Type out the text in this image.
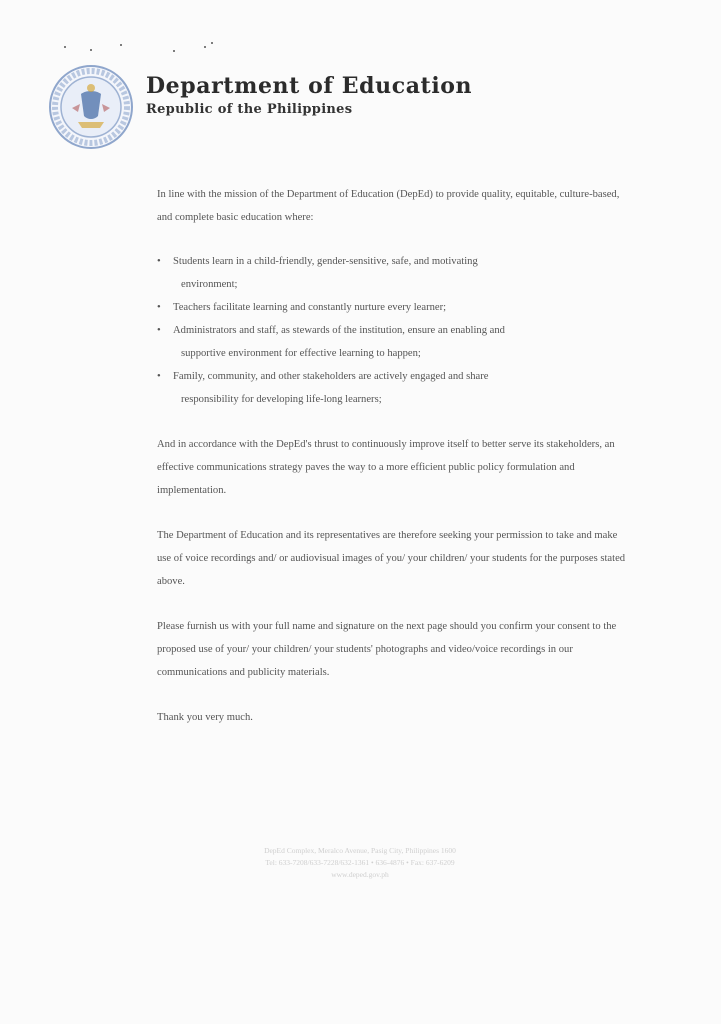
Department of Education
Republic of the Philippines

In line with the mission of the Department of Education (DepEd) to provide quality, equitable, culture-based, and complete basic education where:

• Students learn in a child-friendly, gender-sensitive, safe, and motivating
environment;
• Teachers facilitate learning and constantly nurture every learner;
• Administrators and staff, as stewards of the institution, ensure an enabling and
supportive environment for effective learning to happen;
• Family, community, and other stakeholders are actively engaged and share
responsibility for developing life-long learners;

And in accordance with the DepEd's thrust to continuously improve itself to better serve its stakeholders, an effective communications strategy paves the way to a more efficient public policy formulation and implementation.

The Department of Education and its representatives are therefore seeking your permission to take and make use of voice recordings and/ or audiovisual images of you/ your children/ your students for the purposes stated above.

Please furnish us with your full name and signature on the next page should you confirm your consent to the proposed use of your/ your children/ your students' photographs and video/voice recordings in our communications and publicity materials.

Thank you very much.

DepEd Complex, Meralco Avenue, Pasig City, Philippines 1600
Tel: 633-7208/633-7228/632-1361 • 636-4876 • Fax: 637-6209
www.deped.gov.ph
